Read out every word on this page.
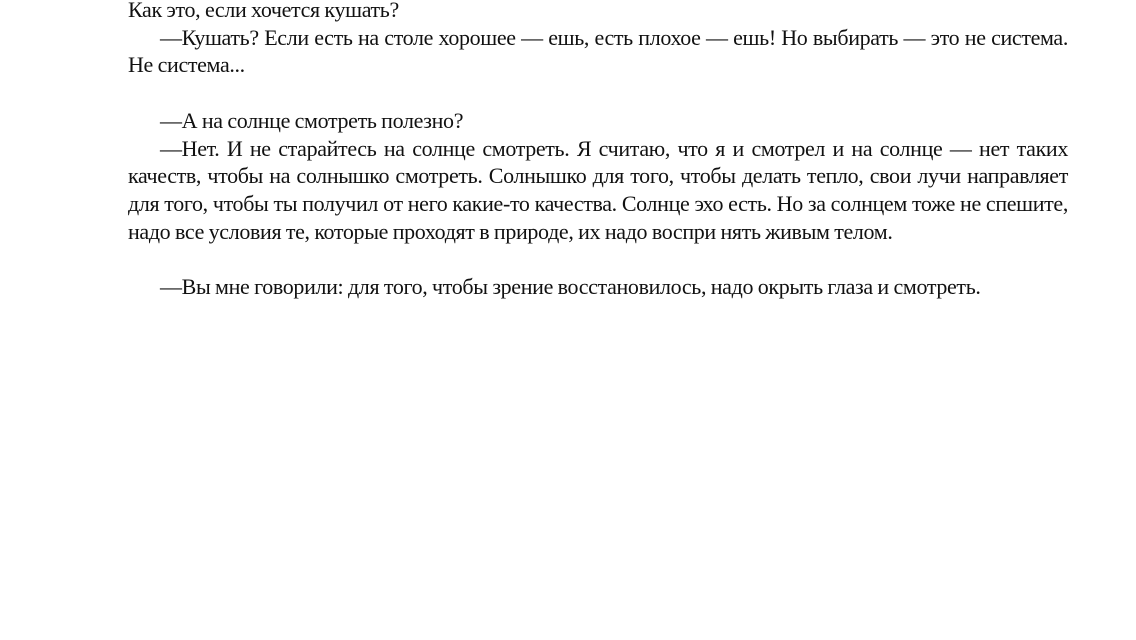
Как это, если хочется кушать?

—Кушать? Если есть на столе хорошее — ешь, есть плохое — ешь! Но выбирать — это не система. Не система...

—А на солнце смотреть полезно?

—Нет. И не старайтесь на солнце смотреть. Я считаю, что я и смотрел и на солнце — нет таких качеств, чтобы на солнышко смотреть. Солнышко для того, чтобы делать тепло, свои лучи направляет для того, чтобы ты получил от него какие-то качества. Солнце эхо есть. Но за солнцем тоже не спешите, надо все условия те, которые проходят в природе, их надо воспри нять живым телом.

—Вы мне говорили: для того, чтобы зрение восстановилось, надо окрыть глаза и смотреть.
